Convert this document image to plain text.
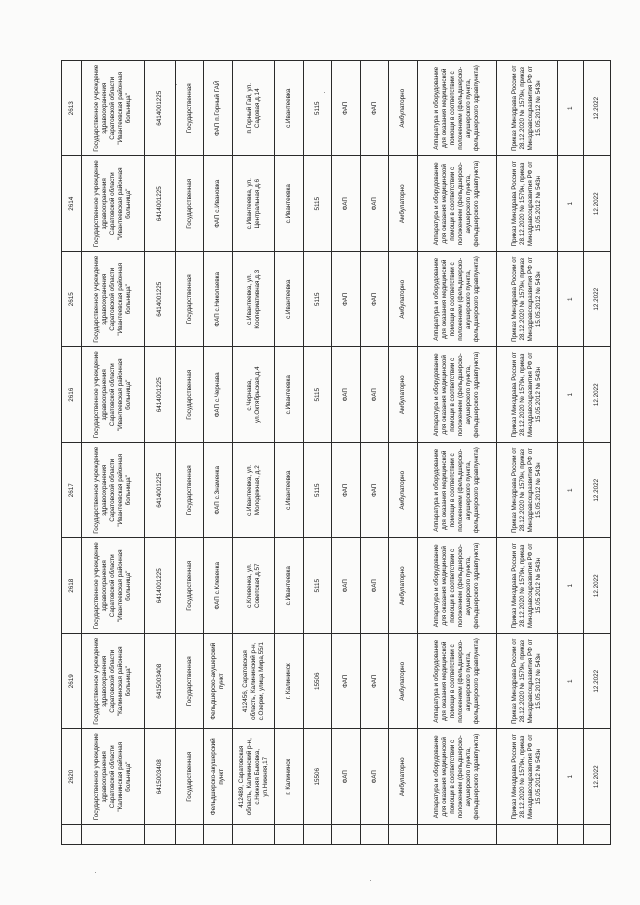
	2620	2619	2618	2617	2616	2615	2614	2613
	Государственное учреждение здравоохранения Саратовской области "Калининская районная больница"	Государственное учреждение здравоохранения Саратовской области "Калининская районная больница"	Государственное учреждение здравоохранения Саратовской области "Ивантеевская районная больница"	Государственное учреждение здравоохранения Саратовской области "Ивантеевская районная больница"	Государственное учреждение здравоохранения Саратовской области "Ивантеевская районная больница"	Государственное учреждение здравоохранения Саратовской области "Ивантеевская районная больница"	Государственное учреждение здравоохранения Саратовской области "Ивантеевская районная больница"	Государственное учреждение здравоохранения Саратовской области "Ивантеевская районная больница"
	6415003408	6415003408	6414001225	6414001225	6414001225	6414001225	6414001225	6414001225
	Государственная	Государственная	Государственная	Государственная	Государственная	Государственная	Государственная	Государственная
	Фельдшерско-акушерский пункт	Фельдшерско-акушерский пункт	ФАП с.Клевенка	ФАП с.Знаменка	ФАП с.Чернава	ФАП с.Николаевка	ФАП с.Ивановка	ФАП п.Горный ГАЙ
	412489, Саратовская область, Калининский р-н, с.Нижняя Быковка, ул.Нижняя,17	412456, Саратовская область, Калининский р-н, с.Озерки, улица Мира,55/1	с.Клевенка, ул. Советская,д.57	с.Ивантеевка, ул. Молодежная, д.2	с.Чернава, ул.Октябрьская,д.4	с.Ивантеевка, ул. Коопериативная,д.3	с.Ивантеевка, ул. Центральная,д.6	п.Горный Гай, ул. Садовая,д.14
	г. Калининск	г. Калининск	с.Ивантеевка	с.Ивантеевка	с.Ивантеевка	с.Ивантеевка	с.Ивантеевка	с.Ивантеевка
	15506	15506	5115	5115	5115	5115	5115	5115
	ФАП	ФАП	ФАП	ФАП	ФАП	ФАП	ФАП	ФАП
	ФАП	ФАП	ФАП	ФАП	ФАП	ФАП	ФАП	ФАП
	Амбулаторно	Амбулаторно	Амбулаторно	Амбулаторно	Амбулаторно	Амбулаторно	Амбулаторно	Амбулаторно
	Аппаратура и оборудование для оказания медицинской помощи в соответствии с положением (фельдшерско-акушерского пункта, фельдшерского здравпункта)	Аппаратура и оборудование для оказания медицинской помощи в соответствии с положением (фельдшерско-акушерского пункта, фельдшерского здравпункта)	Аппаратура и оборудование для оказания медицинской помощи в соответствии с положением (фельдшерско-акушерского пункта, фельдшерского здравпункта)	Аппаратура и оборудование для оказания медицинской помощи в соответствии с положением (фельдшерско-акушерского пункта, фельдшерского здравпункта)	Аппаратура и оборудование для оказания медицинской помощи в соответствии с положением (фельдшерско-акушерского пункта, фельдшерского здравпункта)	Аппаратура и оборудование для оказания медицинской помощи в соответствии с положением (фельдшерско-акушерского пункта, фельдшерского здравпункта)	Аппаратура и оборудование для оказания медицинской помощи в соответствии с положением (фельдшерско-акушерского пункта, фельдшерского здравпункта)	Аппаратура и оборудование для оказания медицинской помощи в соответствии с положением (фельдшерско-акушерского пункта, фельдшерского здравпункта)
	Приказ Минздрава России от 28.12.2020 № 1579н, приказ Минздравсоцразвития РФ от 15.05.2012 № 543н	Приказ Минздрава России от 28.12.2020 № 1579н, приказ Минздравсоцразвития РФ от 15.05.2012 № 543н	Приказ Минздрава России от 28.12.2020 № 1579н, приказ Минздравсоцразвития РФ от 15.05.2012 № 543н	Приказ Минздрава России от 28.12.2020 № 1579н, приказ Минздравсоцразвития РФ от 15.05.2012 № 543н	Приказ Минздрава России от 28.12.2020 № 1579н, приказ Минздравсоцразвития РФ от 15.05.2012 № 543н	Приказ Минздрава России от 28.12.2020 № 1579н, приказ Минздравсоцразвития РФ от 15.05.2012 № 543н	Приказ Минздрава России от 28.12.2020 № 1579н, приказ Минздравсоцразвития РФ от 15.05.2012 № 543н	Приказ Минздрава России от 28.12.2020 № 1579н, приказ Минздравсоцразвития РФ от 15.05.2012 № 543н
	1	1	1	1	1	1	1	1
	12.2022	12.2022	12.2022	12.2022	12.2022	12.2022	12.2022	12.2022
